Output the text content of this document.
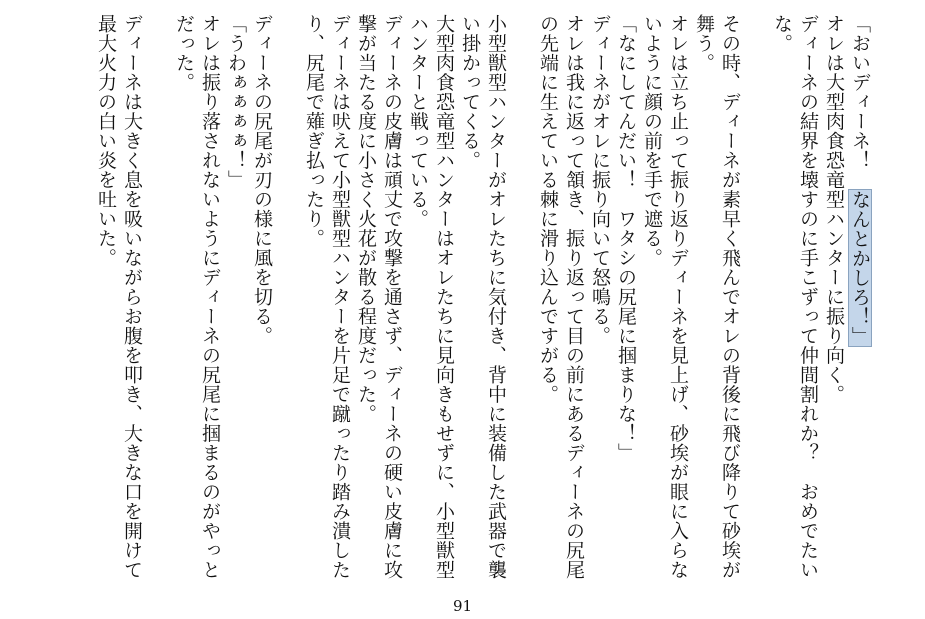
「おいディーネ！　なんとかしろ！」
オレは大型肉食恐竜型ハンターに振り向く。
ディーネの結界を壊すのに手こずって仲間割れか？　おめでたい
な。
その時、ディーネが素早く飛んでオレの背後に飛び降りて砂埃が
舞う。
オレは立ち止って振り返りディーネを見上げ、砂埃が眼に入らな
いように顔の前を手で遮る。
「なにしてんだい！　ワタシの尻尾に掴まりな！」
ディーネがオレに振り向いて怒鳴る。
オレは我に返って頷き、振り返って目の前にあるディーネの尻尾
の先端に生えている棘に滑り込んですがる。
小型獣型ハンターがオレたちに気付き、背中に装備した武器で襲
い掛かってくる。
大型肉食恐竜型ハンターはオレたちに見向きもせずに、小型獣型
ハンターと戦っている。
ディーネの皮膚は頑丈で攻撃を通さず、ディーネの硬い皮膚に攻
撃が当たる度に小さく火花が散る程度だった。
ディーネは吠えて小型獣型ハンターを片足で蹴ったり踏み潰した
り、尻尾で薙ぎ払ったり。
ディーネの尻尾が刃の様に風を切る。
「うわぁぁぁぁ！」
オレは振り落されないようにディーネの尻尾に掴まるのがやっと
だった。
ディーネは大きく息を吸いながらお腹を叩き、大きな口を開けて
最大火力の白い炎を吐いた。
91
